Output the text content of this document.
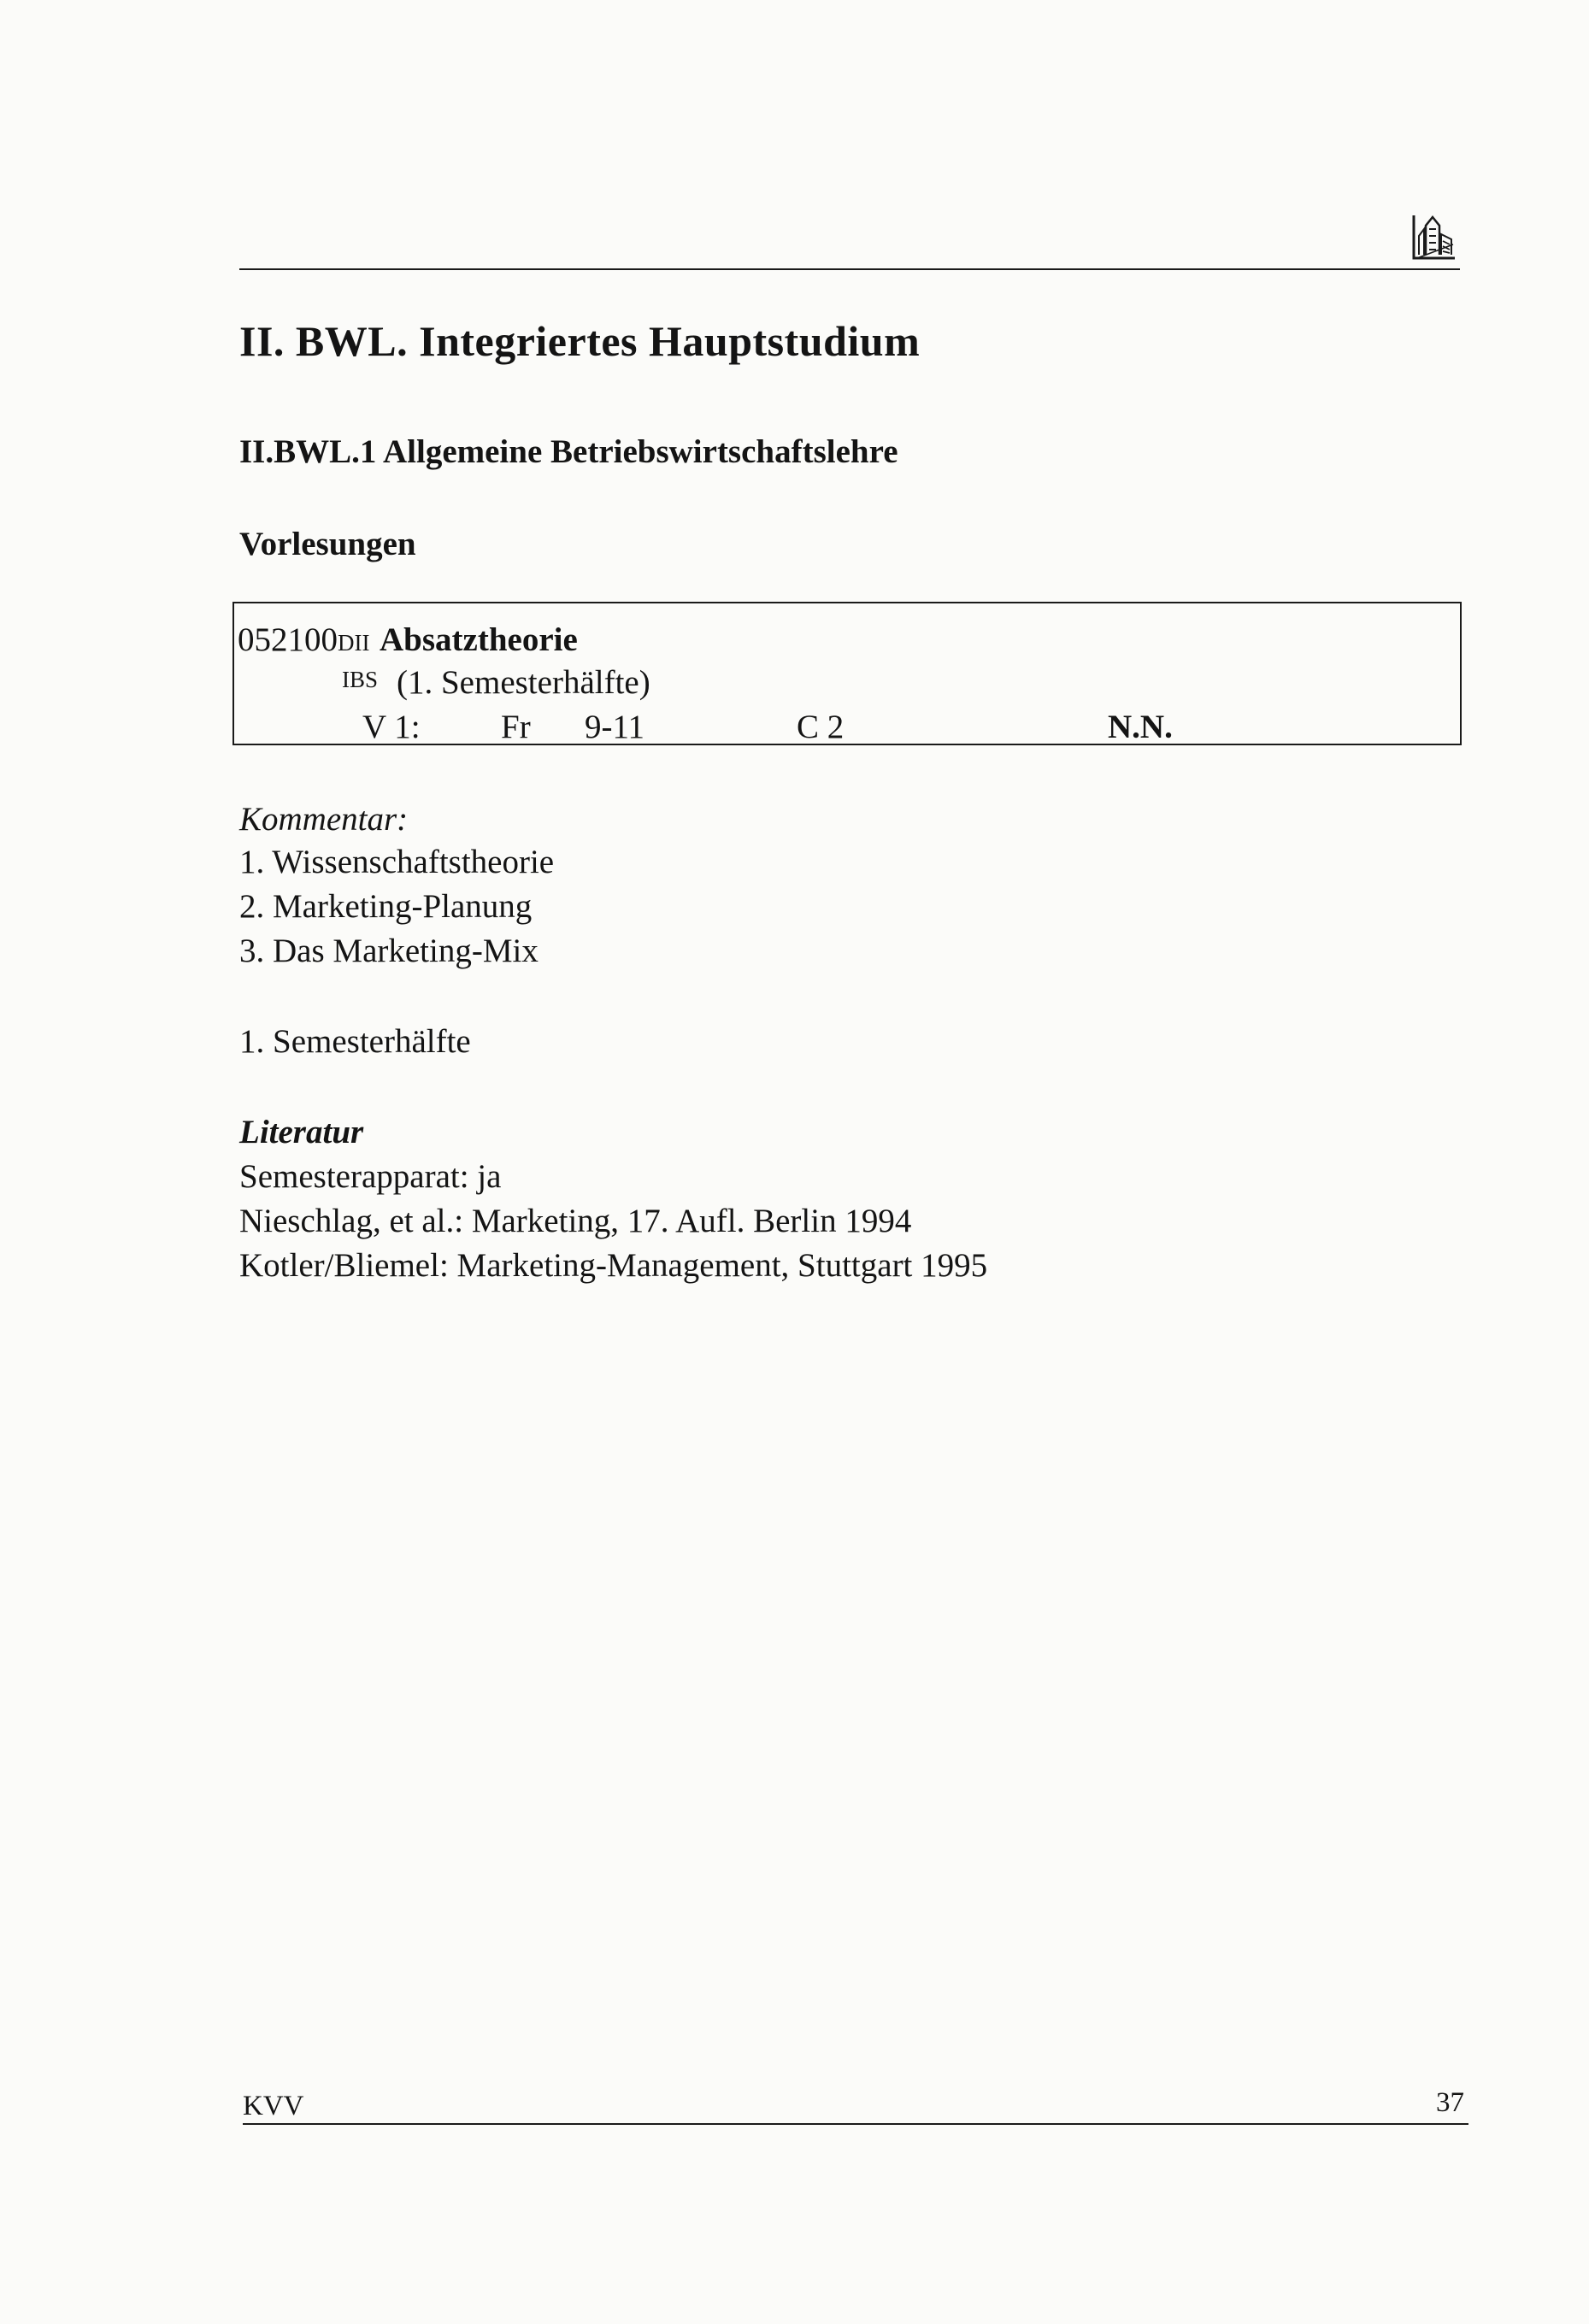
II. BWL. Integriertes Hauptstudium
II.BWL.1 Allgemeine Betriebswirtschaftslehre
Vorlesungen
052100DII Absatztheorie
IBS (1. Semesterhälfte)
V 1: Fr 9-11	C 2	N.N.
Kommentar:
1. Wissenschaftstheorie
2. Marketing-Planung
3. Das Marketing-Mix
1. Semesterhälfte
Literatur
Semesterapparat: ja
Nieschlag, et al.: Marketing, 17. Aufl. Berlin 1994
Kotler/Bliemel: Marketing-Management, Stuttgart 1995
KVV	37
